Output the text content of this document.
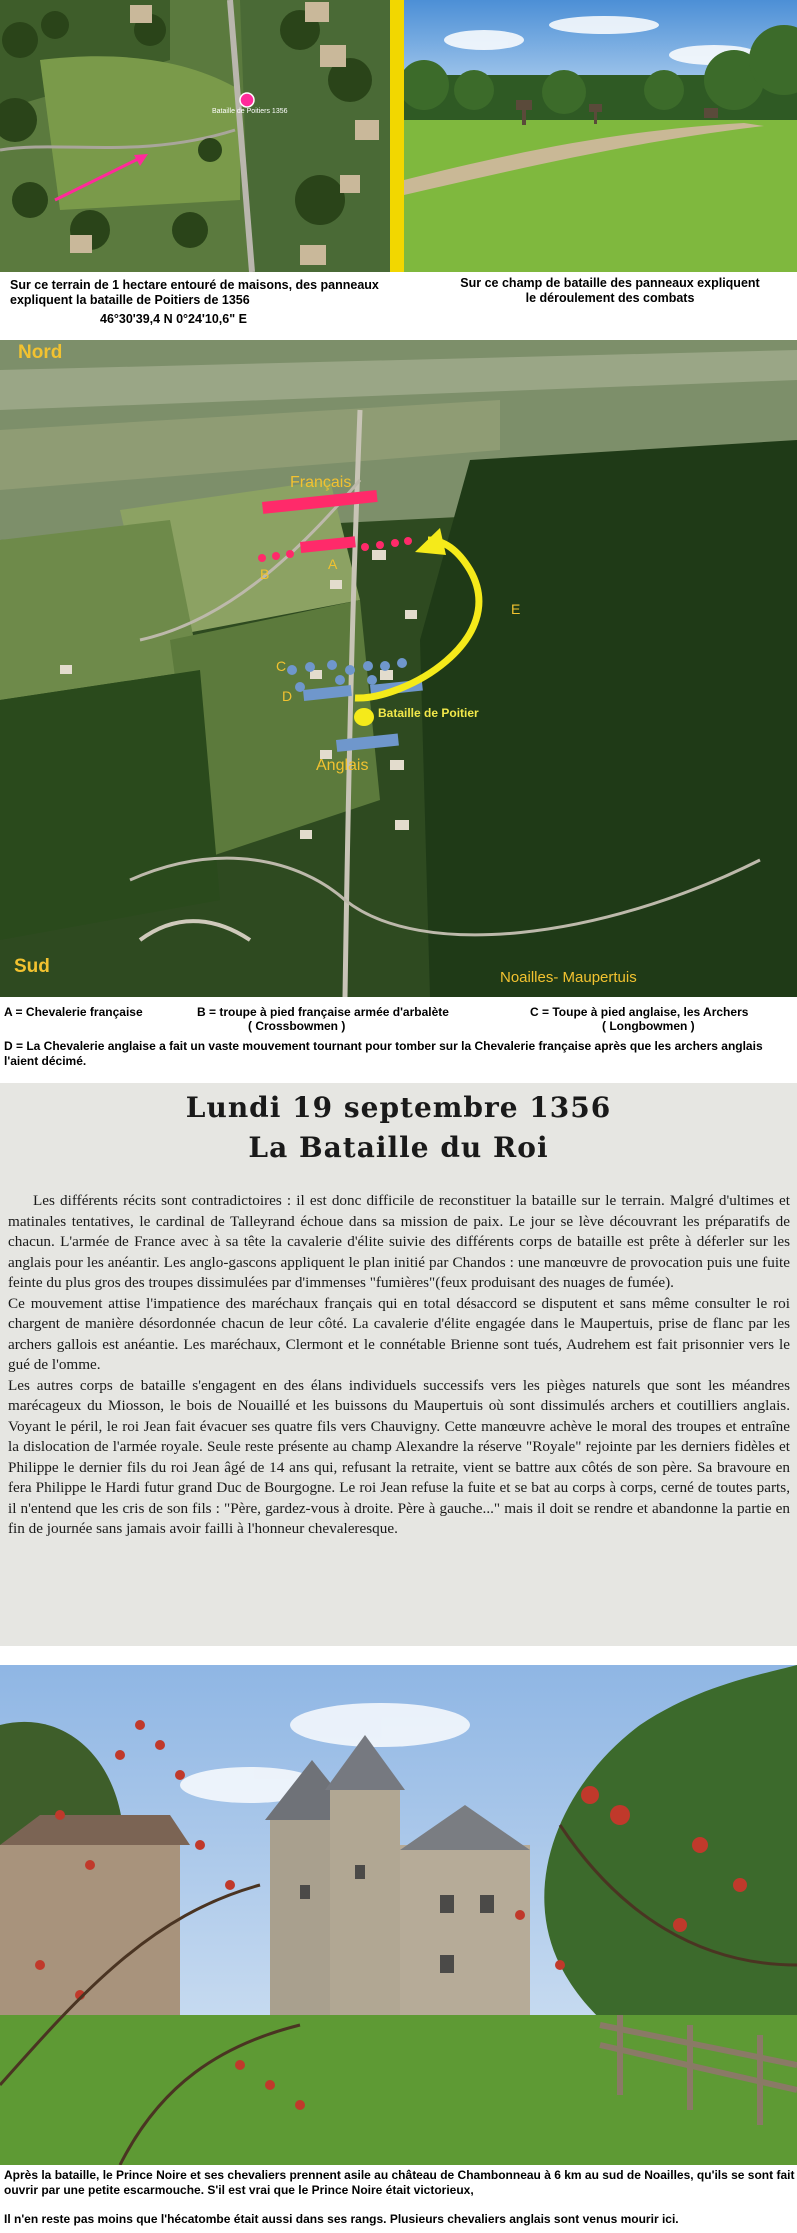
Bataille de Poitiers 1356
Sur ce terrain de 1 hectare entouré de maisons, des panneaux expliquent la bataille de Poitiers de 1356
46°30'39,4 N 0°24'10,6" E
Sur ce champ de bataille des panneaux expliquent le déroulement des combats
Nord
Sud
Français
Anglais
Bataille de Poitier
Noailles- Maupertuis
B
A
C
D
E
A = Chevalerie française	B = troupe à pied française armée d'arbalète
( Crossbowmen )
C = Toupe à pied anglaise, les Archers
( Longbowmen )
D = La Chevalerie anglaise a fait un vaste mouvement tournant pour tomber sur la Chevalerie française après que les archers anglais l'aient décimé.
Lundi 19 septembre 1356
La Bataille du Roi

Les différents récits sont contradictoires : il est donc difficile de reconstituer la bataille sur le terrain. Malgré d'ultimes et matinales tentatives, le cardinal de Talleyrand échoue dans sa mission de paix. Le jour se lève découvrant les préparatifs de chacun. L'armée de France avec à sa tête la cavalerie d'élite suivie des différents corps de bataille est prête à déferler sur les anglais pour les anéantir. Les anglo-gascons appliquent le plan initié par Chandos : une manœuvre de provocation puis une fuite feinte du plus gros des troupes dissimulées par d'immenses "fumières"(feux produisant des nuages de fumée).

Ce mouvement attise l'impatience des maréchaux français qui en total désaccord se disputent et sans même consulter le roi chargent de manière désordonnée chacun de leur côté. La cavalerie d'élite engagée dans le Maupertuis, prise de flanc par les archers gallois est anéantie. Les maréchaux, Clermont et le connétable Brienne sont tués, Audrehem est fait prisonnier vers le gué de l'omme.

Les autres corps de bataille s'engagent en des élans individuels successifs vers les pièges naturels que sont les méandres marécageux du Miosson, le bois de Nouaillé et les buissons du Maupertuis où sont dissimulés archers et coutilliers anglais. Voyant le péril, le roi Jean fait évacuer ses quatre fils vers Chauvigny. Cette manœuvre achève le moral des troupes et entraîne la dislocation de l'armée royale. Seule reste présente au champ Alexandre la réserve "Royale" rejointe par les derniers fidèles et Philippe le dernier fils du roi Jean âgé de 14 ans qui, refusant la retraite, vient se battre aux côtés de son père. Sa bravoure en fera Philippe le Hardi futur grand Duc de Bourgogne. Le roi Jean refuse la fuite et se bat au corps à corps, cerné de toutes parts, il n'entend que les cris de son fils : "Père, gardez-vous à droite. Père à gauche..." mais il doit se rendre et abandonne la partie en fin de journée sans jamais avoir failli à l'honneur chevaleresque.

Après la bataille, le Prince Noire et ses chevaliers prennent asile au château de Chambonneau à 6 km au sud de Noailles, qu'ils se sont fait ouvrir par une petite escarmouche. S'il est vrai que le Prince Noire était victorieux,
Il n'en reste pas moins que l'hécatombe était aussi dans ses rangs. Plusieurs chevaliers anglais sont venus mourir ici.
